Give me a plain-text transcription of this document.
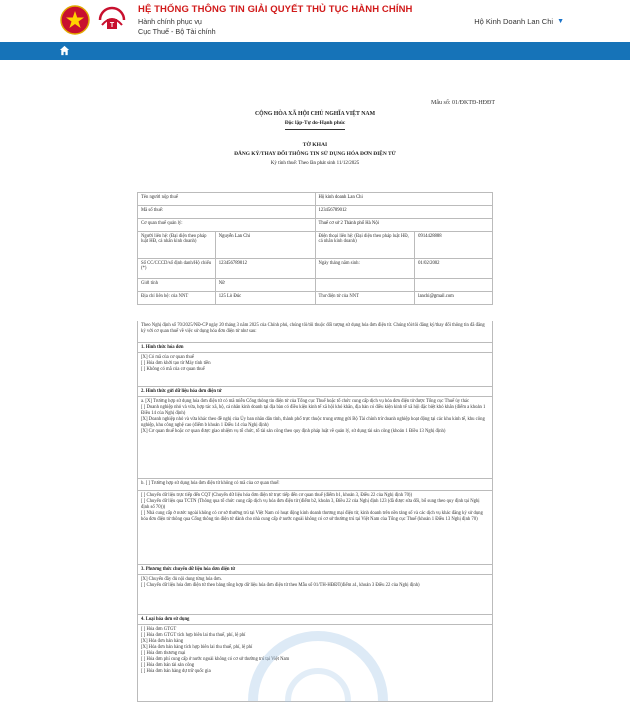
T
HỆ THỐNG THÔNG TIN GIẢI QUYẾT THỦ TỤC HÀNH CHÍNH
Hành chính phục vụ
Cục Thuế - Bộ Tài chính
Hộ Kinh Doanh Lan Chi ▼
Mẫu số: 01/ĐKTĐ-HĐĐT
CỘNG HÒA XÃ HỘI CHỦ NGHĨA VIỆT NAM
Độc lập-Tự do-Hạnh phúc
TỜ KHAI
ĐĂNG KÝ/THAY ĐỔI THÔNG TIN SỬ DỤNG HÓA ĐƠN ĐIỆN TỬ
Kỳ tính thuế: Theo lần phát sinh 11/12/2025
Tên người nộp thuế		Hộ kinh doanh Lan Chi	
Mã số thuế:		123456789012	
Cơ quan thuế quản lý:		Thuế cơ sở 2 Thành phố Hà Nội	
Người liên hệ: (Đại diện theo pháp luật HĐ, cá nhân kinh doanh)	Nguyễn Lan Chi	Điện thoại liên hệ: (Đại diện theo pháp luật HĐ, cá nhân kinh doanh)	0914428888
Số CC/CCCD/số định danh/Hộ chiếu (*)	123456789012	Ngày tháng năm sinh:	01/02/2002
Giới tính	Nữ		
Địa chỉ liên hệ: của NNT	125 Lò Đúc	Thư điện tử của NNT	lanchi@gmail.com
Theo Nghị định số 70/2025/NĐ-CP ngày 20 tháng 3 năm 2025 của Chính phủ, chúng tôi/tôi thuộc đối tượng sử dụng hóa đơn điện tử. Chúng tôi/tôi đăng ký/thay đổi thông tin đã đăng ký với cơ quan thuế về việc sử dụng hóa đơn điện tử như sau:
1. Hình thức hóa đơn
[X] Có mã của cơ quan thuế
[ ] Hóa đơn khởi tạo từ Máy tính tiền
[ ] Không có mã của cơ quan thuế
2. Hình thức gửi dữ liệu hóa đơn điện tử
a. [X] Trường hợp sử dụng hóa đơn điện tử có mã miễn Cổng thông tin điện tử của Tổng cục Thuế hoặc tổ chức cung cấp dịch vụ hóa đơn điện tử được Tổng cục Thuế ủy thác
[ ] Doanh nghiệp nhỏ và vừa, hợp tác xã, hộ, cá nhân kinh doanh tại địa bàn có điều kiện kinh tế xã hội khó khăn, địa bàn có điều kiện kinh tế xã hội đặc biệt khó khăn (điểm a khoản 1 Điều 14 của Nghị định)
[X] Doanh nghiệp nhỏ và vừa khác theo đề nghị của Ủy ban nhân dân tỉnh, thành phố trực thuộc trung ương gửi Bộ Tài chính trừ doanh nghiệp hoạt động tại các khu kinh tế, khu công nghiệp, khu công nghệ cao (điểm b khoản 1 Điều 14 của Nghị định)
[X] Cơ quan thuế hoặc cơ quan được giao nhiệm vụ tổ chức, tổ tài sản công theo quy định pháp luật về quản lý, sử dụng tài sản công (khoản 1 Điều 13 Nghị định)
b. [ ] Trường hợp sử dụng hóa đơn điện tử không có mã của cơ quan thuế:
[ ] Chuyển dữ liệu trực tiếp đến CQT (Chuyển dữ liệu hóa đơn điện tử trực tiếp đến cơ quan thuế (điểm b1, khoản 3, Điều 22 của Nghị định 70))
[ ] Chuyển dữ liệu qua TCTN (Thông qua tổ chức cung cấp dịch vụ hóa đơn điện tử (điểm b2, khoản 3, Điều 22 của Nghị định 123 (đã được sửa đổi, bổ sung theo quy định tại Nghị định số 70)))
[ ] Nhà cung cấp ở nước ngoài không có cơ sở thường trú tại Việt Nam có hoạt động kinh doanh thương mại điện tử, kinh doanh trên nền tảng số và các dịch vụ khác đăng ký sử dụng hóa đơn điện tử thông qua Cổng thông tin điện tử dành cho nhà cung cấp ở nước ngoài không có cơ sở thường trú tại Việt Nam của Tổng cục Thuế (khoản 1 Điều 13 Nghị định 70)
3. Phương thức chuyển dữ liệu hóa đơn điện tử
[X] Chuyển đầy đủ nội dung từng hóa đơn.
[ ] Chuyển dữ liệu hóa đơn điện tử theo bảng tổng hợp dữ liệu hóa đơn điện tử theo Mẫu số 01/TH-HĐĐT(điểm a1, khoản 3 Điều 22 của Nghị định)
4. Loại hóa đơn sử dụng
[ ] Hóa đơn GTGT
[ ] Hóa đơn GTGT tích hợp biên lai thu thuế, phí, lệ phí
[X] Hóa đơn bán hàng
[X] Hóa đơn bán hàng tích hợp biên lai thu thuế, phí, lệ phí
[ ] Hóa đơn thương mại
[ ] Hóa đơn phí cung cấp ở nước ngoài không có cơ sở thường trú tại Việt Nam
[ ] Hóa đơn bán tài sản công
[ ] Hóa đơn bán hàng dự trữ quốc gia
